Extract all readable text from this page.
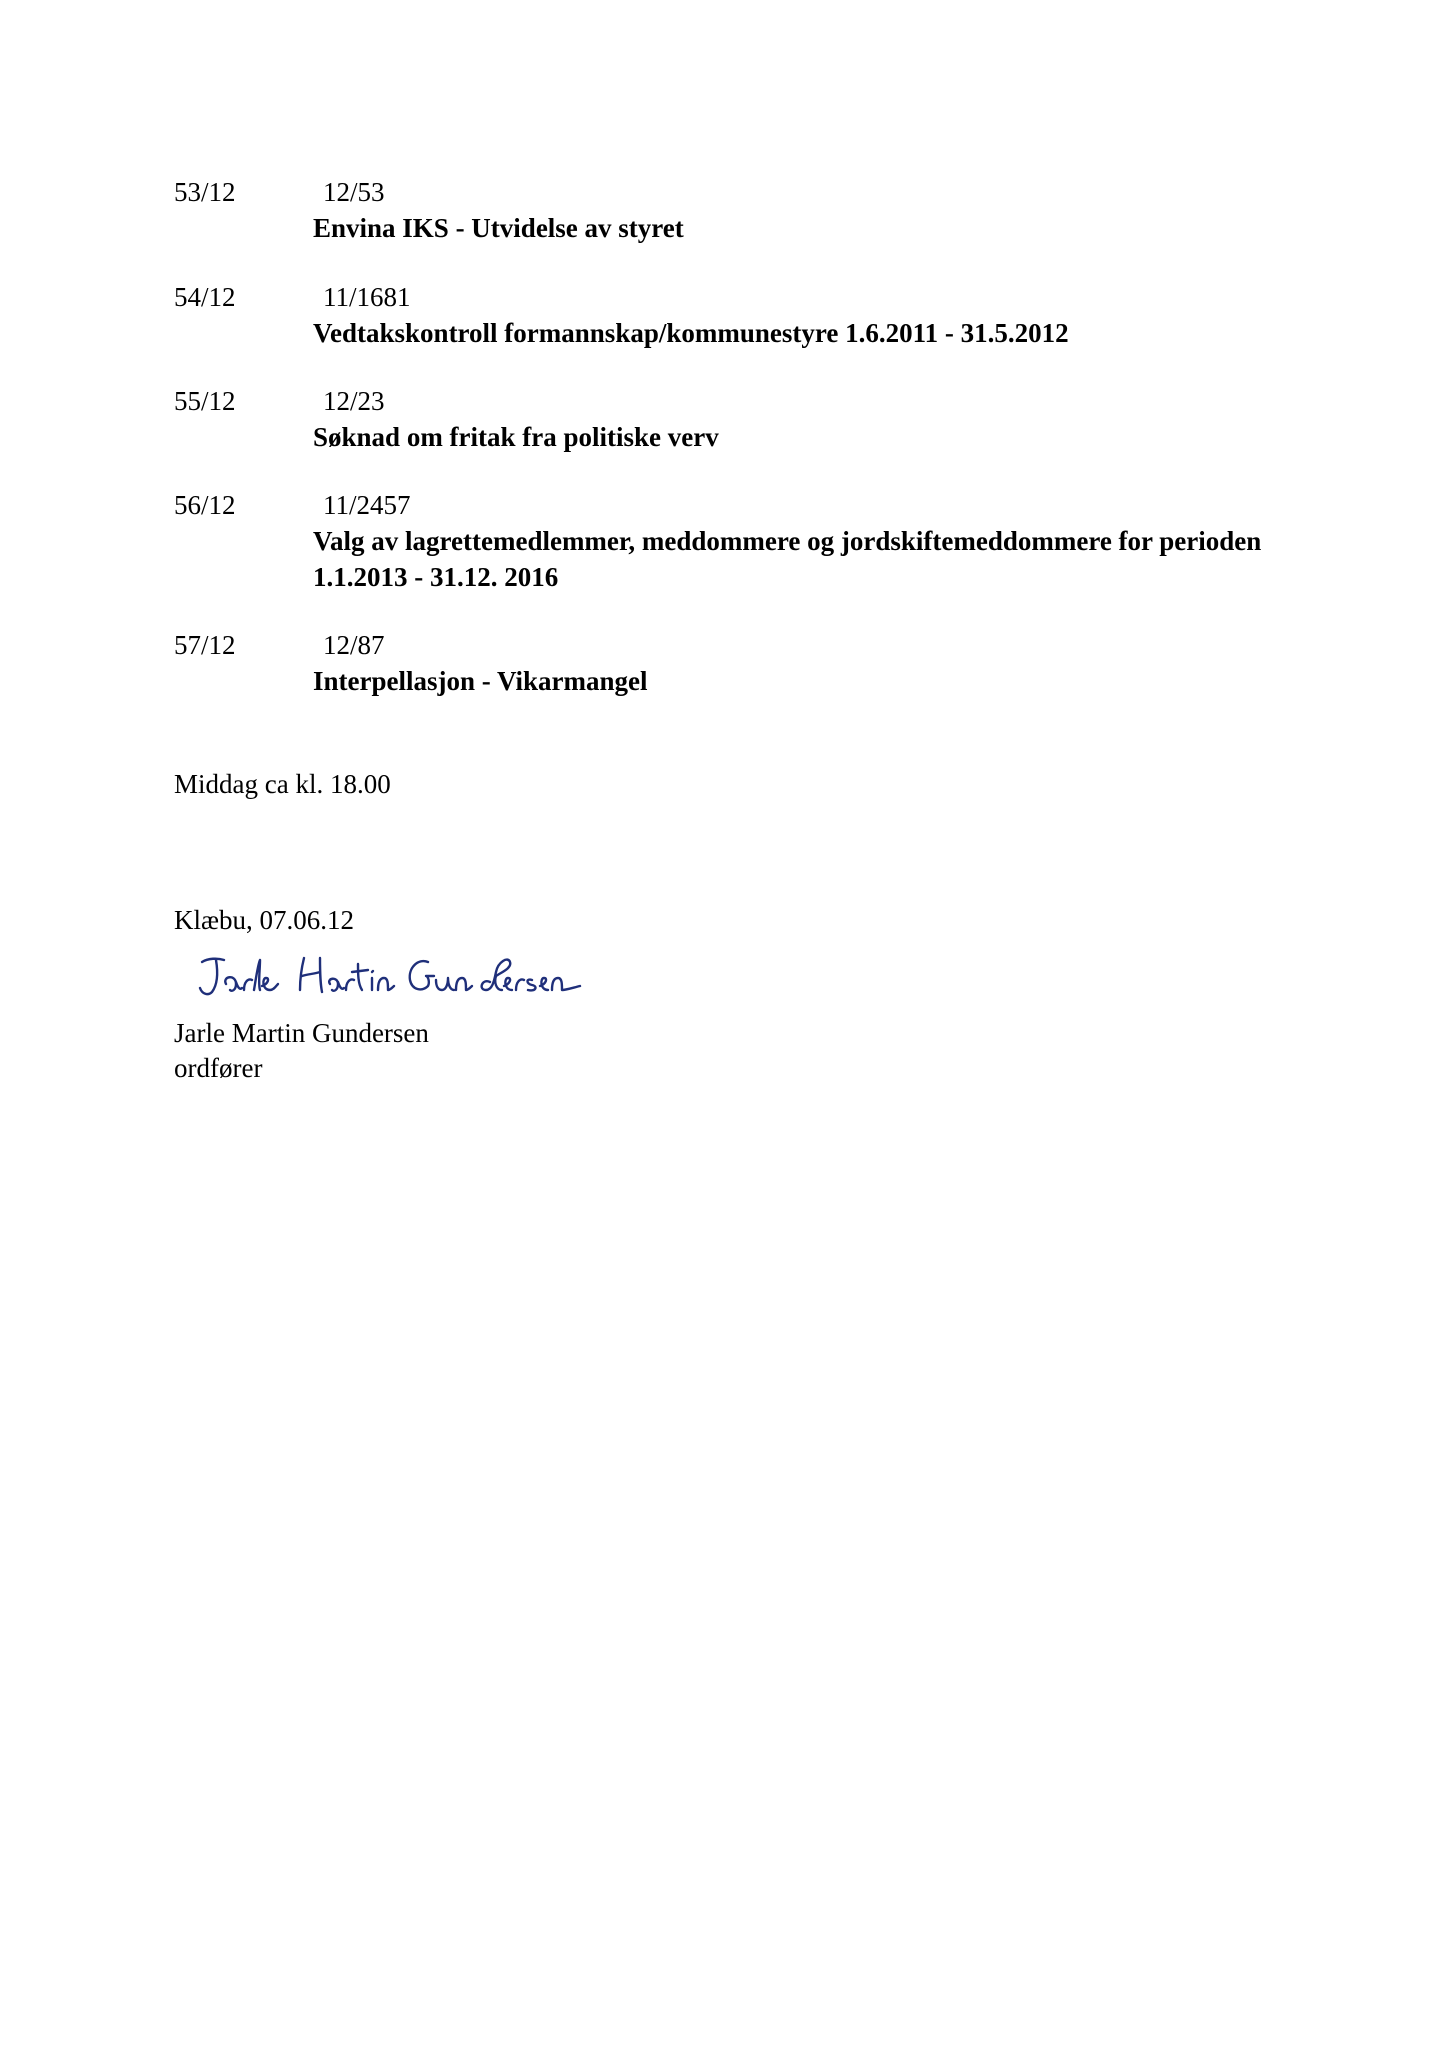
53/12	12/53
Envina IKS - Utvidelse av styret
54/12	11/1681
Vedtakskontroll formannskap/kommunestyre 1.6.2011 - 31.5.2012
55/12	12/23
Søknad om fritak fra politiske verv
56/12	11/2457
Valg av lagrettemedlemmer, meddommere og jordskiftemeddommere for perioden 1.1.2013 - 31.12. 2016
57/12	12/87
Interpellasjon - Vikarmangel
Middag ca kl. 18.00
Klæbu, 07.06.12
Jarle Martin Gundersen
ordfører
